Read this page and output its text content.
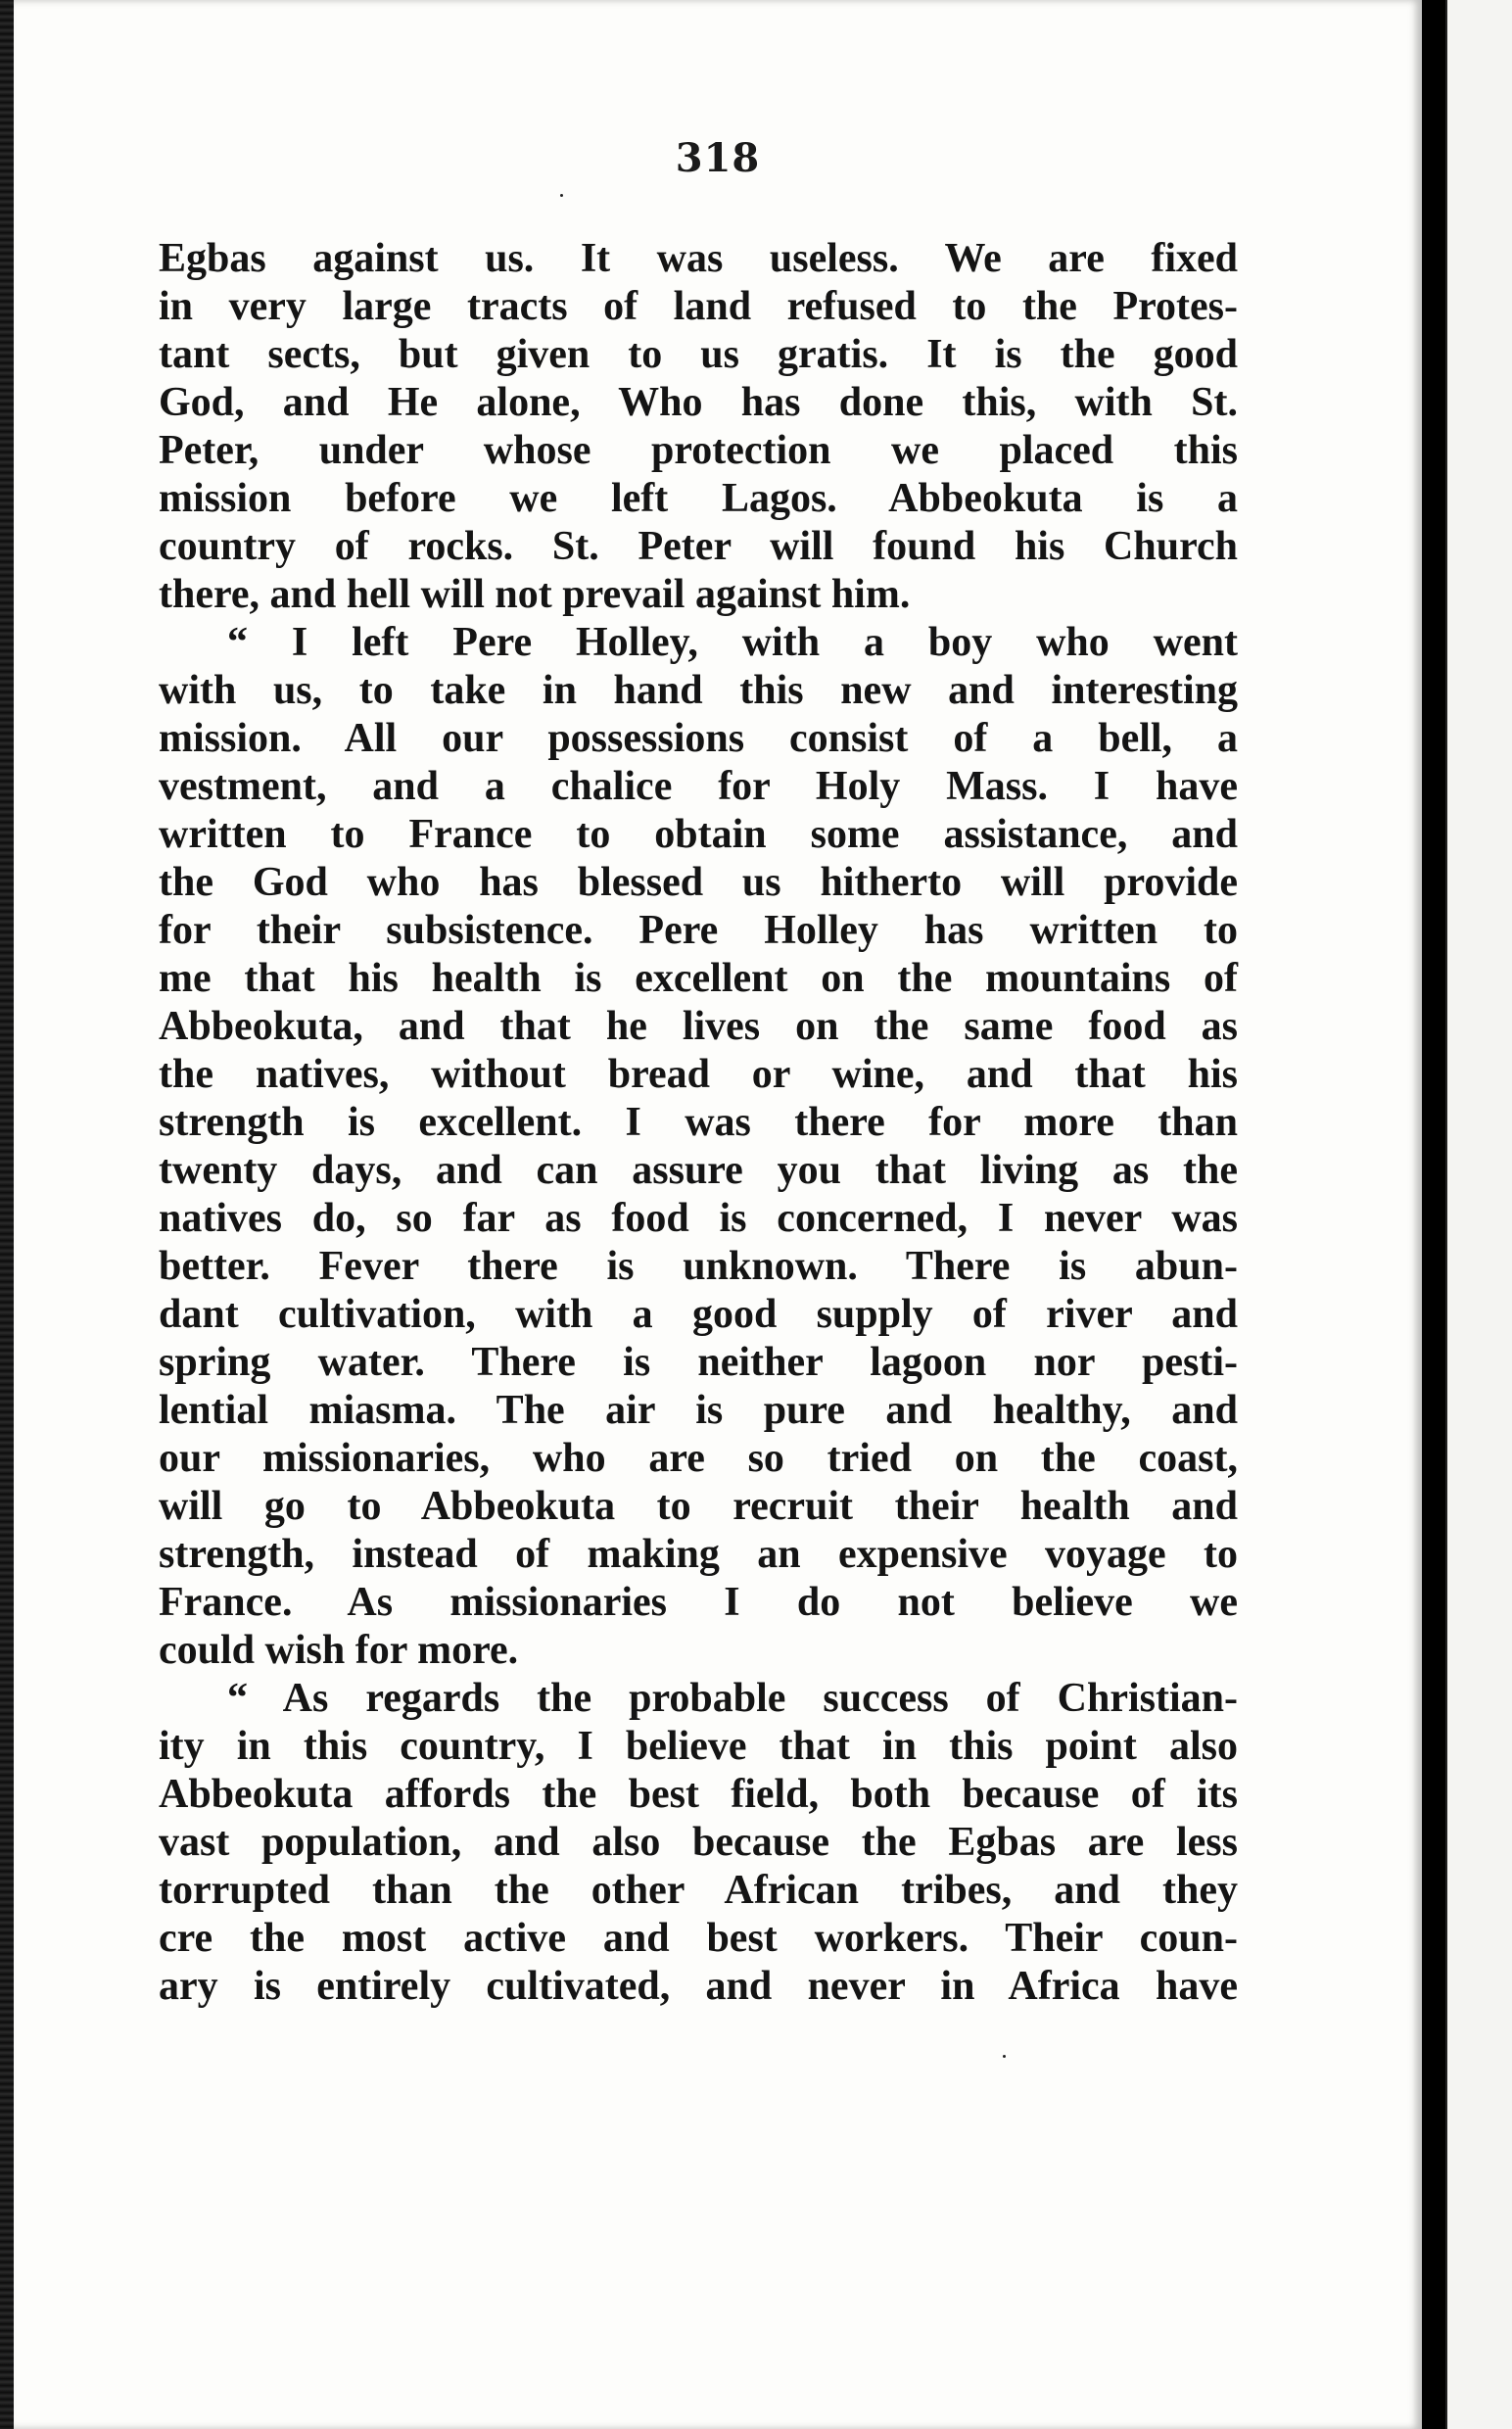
318

Egbas against us. It was useless. We are fixed
in very large tracts of land refused to the Protes-
tant sects, but given to us gratis. It is the good
God, and He alone, Who has done this, with St.
Peter, under whose protection we placed this
mission before we left Lagos. Abbeokuta is a
country of rocks. St. Peter will found his Church
there, and hell will not prevail against him.

“ I left Pere Holley, with a boy who went
with us, to take in hand this new and interesting
mission. All our possessions consist of a bell, a
vestment, and a chalice for Holy Mass. I have
written to France to obtain some assistance, and
the God who has blessed us hitherto will provide
for their subsistence. Pere Holley has written to
me that his health is excellent on the mountains of
Abbeokuta, and that he lives on the same food as
the natives, without bread or wine, and that his
strength is excellent. I was there for more than
twenty days, and can assure you that living as the
natives do, so far as food is concerned, I never was
better. Fever there is unknown. There is abun-
dant cultivation, with a good supply of river and
spring water. There is neither lagoon nor pesti-
lential miasma. The air is pure and healthy, and
our missionaries, who are so tried on the coast,
will go to Abbeokuta to recruit their health and
strength, instead of making an expensive voyage to
France. As missionaries I do not believe we
could wish for more.

“ As regards the probable success of Christian-
ity in this country, I believe that in this point also
Abbeokuta affords the best field, both because of its
vast population, and also because the Egbas are less
torrupted than the other African tribes, and they
cre the most active and best workers. Their coun-
ary is entirely cultivated, and never in Africa have
